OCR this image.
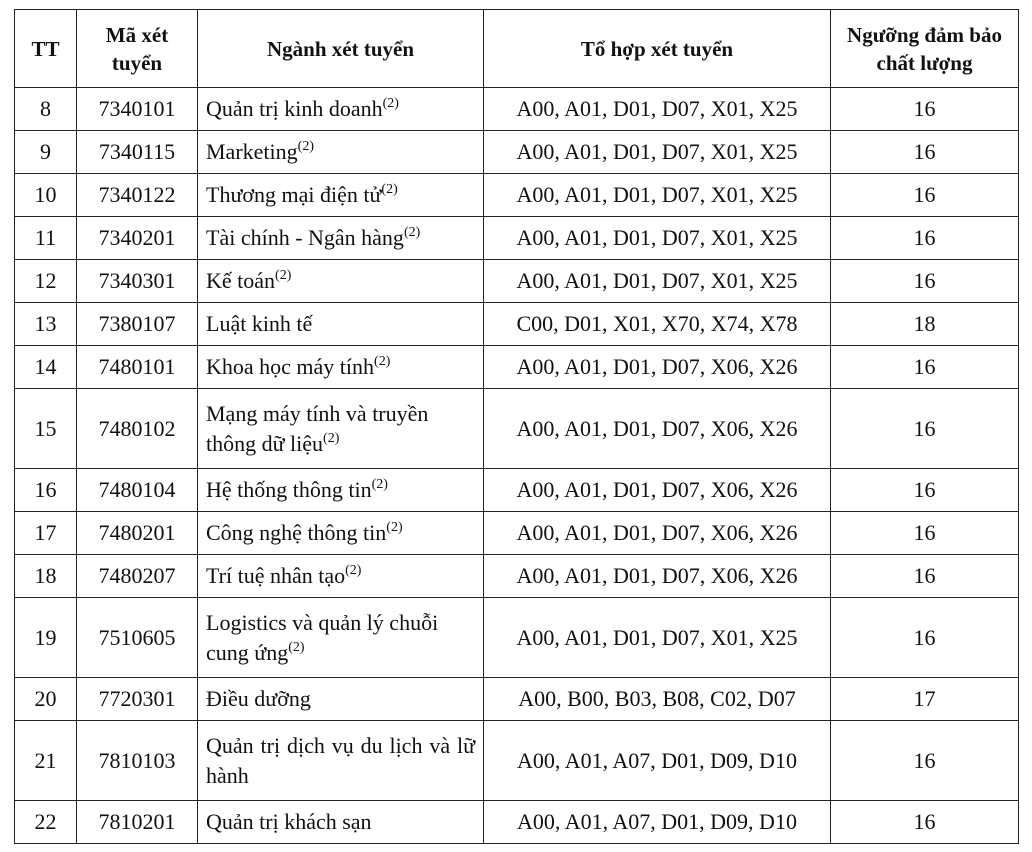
TT	Mã xét tuyển	Ngành xét tuyển	Tổ hợp xét tuyển	Ngưỡng đảm bảo chất lượng
8	7340101	Quản trị kinh doanh$^{(2)}$	A00, A01, D01, D07, X01, X25	16
9	7340115	Marketing$^{(2)}$	A00, A01, D01, D07, X01, X25	16
10	7340122	Thương mại điện tử$^{(2)}$	A00, A01, D01, D07, X01, X25	16
11	7340201	Tài chính - Ngân hàng$^{(2)}$	A00, A01, D01, D07, X01, X25	16
12	7340301	Kế toán$^{(2)}$	A00, A01, D01, D07, X01, X25	16
13	7380107	Luật kinh tế	C00, D01, X01, X70, X74, X78	18
14	7480101	Khoa học máy tính$^{(2)}$	A00, A01, D01, D07, X06, X26	16
15	7480102	Mạng máy tính và truyền thông dữ liệu$^{(2)}$	A00, A01, D01, D07, X06, X26	16
16	7480104	Hệ thống thông tin$^{(2)}$	A00, A01, D01, D07, X06, X26	16
17	7480201	Công nghệ thông tin$^{(2)}$	A00, A01, D01, D07, X06, X26	16
18	7480207	Trí tuệ nhân tạo$^{(2)}$	A00, A01, D01, D07, X06, X26	16
19	7510605	Logistics và quản lý chuỗi cung ứng$^{(2)}$	A00, A01, D01, D07, X01, X25	16
20	7720301	Điều dưỡng	A00, B00, B03, B08, C02, D07	17
21	7810103	Quản trị dịch vụ du lịch và lữ hành	A00, A01, A07, D01, D09, D10	16
22	7810201	Quản trị khách sạn	A00, A01, A07, D01, D09, D10	16
